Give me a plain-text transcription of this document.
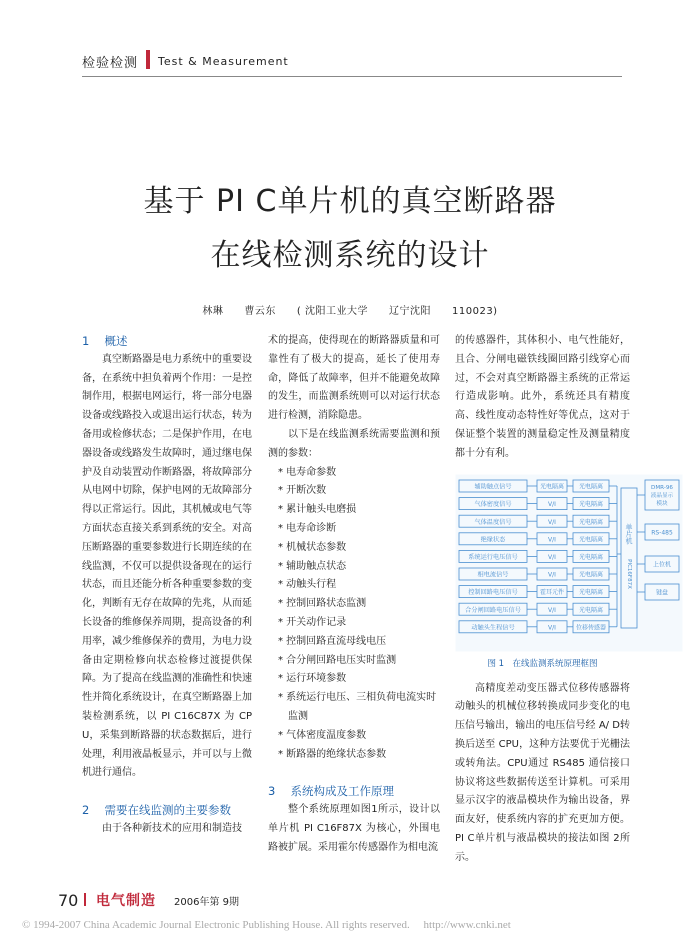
检验检测 Test & Measurement
基于 PI C单片机的真空断路器
在线检测系统的设计
林琳　　曹云东　　( 沈阳工业大学　　辽宁沈阳　　110023)

1　 概述

真空断路器是电力系统中的重要设备，在系统中担负着两个作用：一是控制作用，根据电网运行，将一部分电器设备或线路投入或退出运行状态，转为备用或检修状态；二是保护作用，在电器设备或线路发生故障时，通过继电保护及自动装置动作断路器，将故障部分从电网中切除，保护电网的无故障部分得以正常运行。因此，其机械或电气等方面状态直接关系到系统的安全。对高压断路器的重要参数进行长期连续的在线监测，不仅可以提供设备现在的运行状态，而且还能分析各种重要参数的变化，判断有无存在故障的先兆，从而延长设备的维修保养周期，提高设备的利用率，减少维修保养的费用，为电力设备由定期检修向状态检修过渡提供保障。为了提高在线监测的准确性和快速性并简化系统设计，在真空断路器上加装检测系统，以 PI C16C87X 为 CPU，采集到断路器的状态数据后，进行处理，利用液晶板显示，并可以与上微机进行通信。

2　 需要在线监测的主要参数

由于各种新技术的应用和制造技

术的提高，使得现在的断路器质量和可靠性有了极大的提高，延长了使用寿命，降低了故障率，但并不能避免故障的发生，而监测系统则可以对运行状态进行检测，消除隐患。

以下是在线监测系统需要监测和预测的参数：

* 电寿命参数

* 开断次数

* 累计触头电磨损

* 电寿命诊断

* 机械状态参数

* 辅助触点状态

* 动触头行程

* 控制回路状态监测

* 开关动作记录

* 控制回路直流母线电压

* 合分闸回路电压实时监测

* 运行环境参数

* 系统运行电压、三相负荷电流实时监测

* 气体密度温度参数

* 断路器的绝缘状态参数

3　 系统构成及工作原理

整个系统原理如图1所示，设计以单片机 PI C16F87X 为核心，外围电路被扩展。采用霍尔传感器作为相电流

的传感器件，其体积小、电气性能好，且合、分闸电磁铁线圈回路引线穿心而过，不会对真空断路器主系统的正常运行造成影响。此外，系统还具有精度高、线性度动态特性好等优点，这对于保证整个装置的测量稳定性及测量精度都十分有利。

辅助触点信号	光电隔离 光电隔离
气体密度信号	V/I	光电隔离
气体温度信号	V/I	光电隔离
绝缘状态	V/I	光电隔离
系统运行电压信号	V/I	光电隔离
相电流信号	V/I	光电隔离
控制回路电压信号	霍耳元件 光电隔离
合分闸回路电压信号	V/I	光电隔离
动触头生程信号	V/I	位移传感器
单片机
PIC16F87X
DMR-96
液晶显示
模块
RS-485
上位机
键盘
图 1　在线监测系统原理框图

高精度差动变压器式位移传感器将动触头的机械位移转换成同步变化的电压信号输出，输出的电压信号经 A/ D转换后送至 CPU，这种方法要优于光栅法或转角法。CPU通过 RS485 通信接口协议将这些数据传送至计算机。可采用显示汉字的液晶模块作为输出设备，界面友好，使系统内容的扩充更加方便。PI C单片机与液晶模块的接法如图 2所示。

70 电气制造 2006年第 9期
© 1994-2007 China Academic Journal Electronic Publishing House. All rights reserved.　 http://www.cnki.net
